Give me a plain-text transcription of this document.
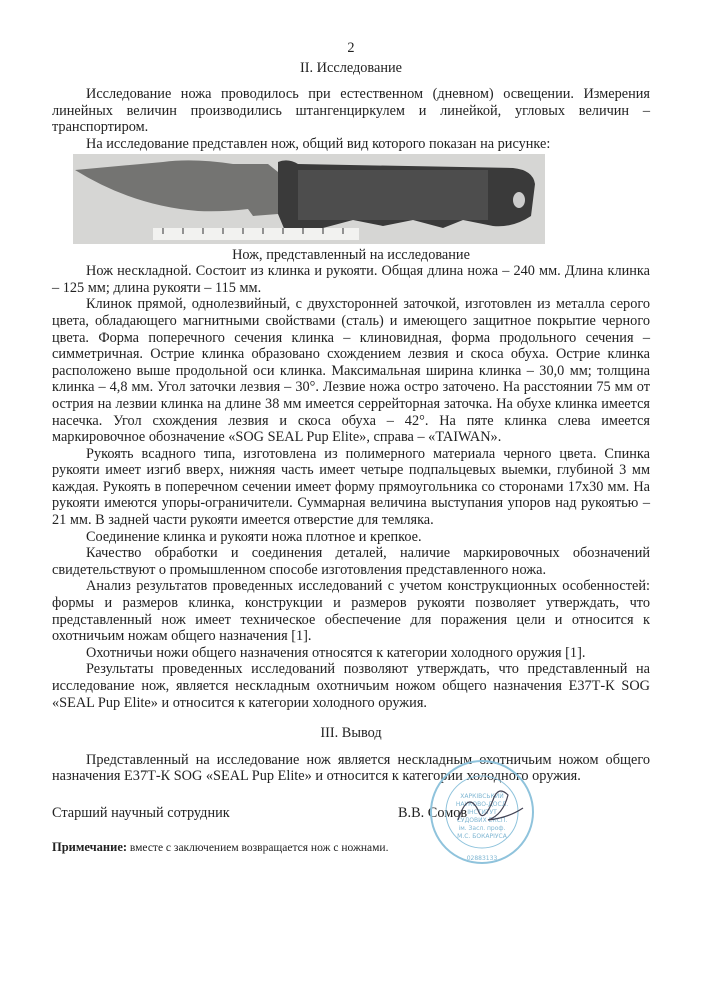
2
II. Исследование

Исследование ножа проводилось при естественном (дневном) освещении. Измерения линейных величин производились штангенциркулем и линейкой, угловых величин – транспортиром.

На исследование представлен нож, общий вид которого показан на рисунке:

Нож, представленный на исследование

Нож нескладной. Состоит из клинка и рукояти. Общая длина ножа – 240 мм. Длина клинка – 125 мм; длина рукояти – 115 мм.

Клинок прямой, однолезвийный, с двухсторонней заточкой, изготовлен из металла серого цвета, обладающего магнитными свойствами (сталь) и имеющего защитное покрытие черного цвета. Форма поперечного сечения клинка – клиновидная, форма продольного сечения – симметричная. Острие клинка образовано схождением лезвия и скоса обуха. Острие клинка расположено выше продольной оси клинка. Максимальная ширина клинка – 30,0 мм; толщина клинка – 4,8 мм. Угол заточки лезвия – 30°. Лезвие ножа остро заточено. На расстоянии 75 мм от острия на лезвии клинка на длине 38 мм имеется серрейторная заточка. На обухе клинка имеется насечка. Угол схождения лезвия и скоса обуха – 42°. На пяте клинка слева имеется маркировочное обозначение «SOG SEAL Pup Elite», справа – «TAIWAN».

Рукоять всадного типа, изготовлена из полимерного материала черного цвета. Спинка рукояти имеет изгиб вверх, нижняя часть имеет четыре подпальцевых выемки, глубиной 3 мм каждая. Рукоять в поперечном сечении имеет форму прямоугольника со сторонами 17х30 мм. На рукояти имеются упоры-ограничители. Суммарная величина выступания упоров над рукоятью – 21 мм. В задней части рукояти имеется отверстие для темляка.

Соединение клинка и рукояти ножа плотное и крепкое.

Качество обработки и соединения деталей, наличие маркировочных обозначений свидетельствуют о промышленном способе изготовления представленного ножа.

Анализ результатов проведенных исследований с учетом конструкционных особенностей: формы и размеров клинка, конструкции и размеров рукояти позволяет утверждать, что представленный нож имеет техническое обеспечение для поражения цели и относится к охотничьим ножам общего назначения [1].

Охотничьи ножи общего назначения относятся к категории холодного оружия [1].

Результаты проведенных исследований позволяют утверждать, что представленный на исследование нож, является нескладным охотничьим ножом общего назначения Е37Т-К SOG «SEAL Pup Elite» и относится к категории холодного оружия.

III. Вывод

Представленный на исследование нож является нескладным охотничьим ножом общего назначения Е37Т-К SOG «SEAL Pup Elite» и относится к категории холодного оружия.

Старший научный сотрудник	В.В. Сомов
Примечание: вместе с заключением возвращается нож с ножнами.
ХАРКІВСЬКИЙ
НАУКОВО-ДОСЛ.
ІНСТИТУТ
СУДОВИХ ЕКСП.
ім. Засл. проф.
М.С. БОКАРІУСА
02883133
